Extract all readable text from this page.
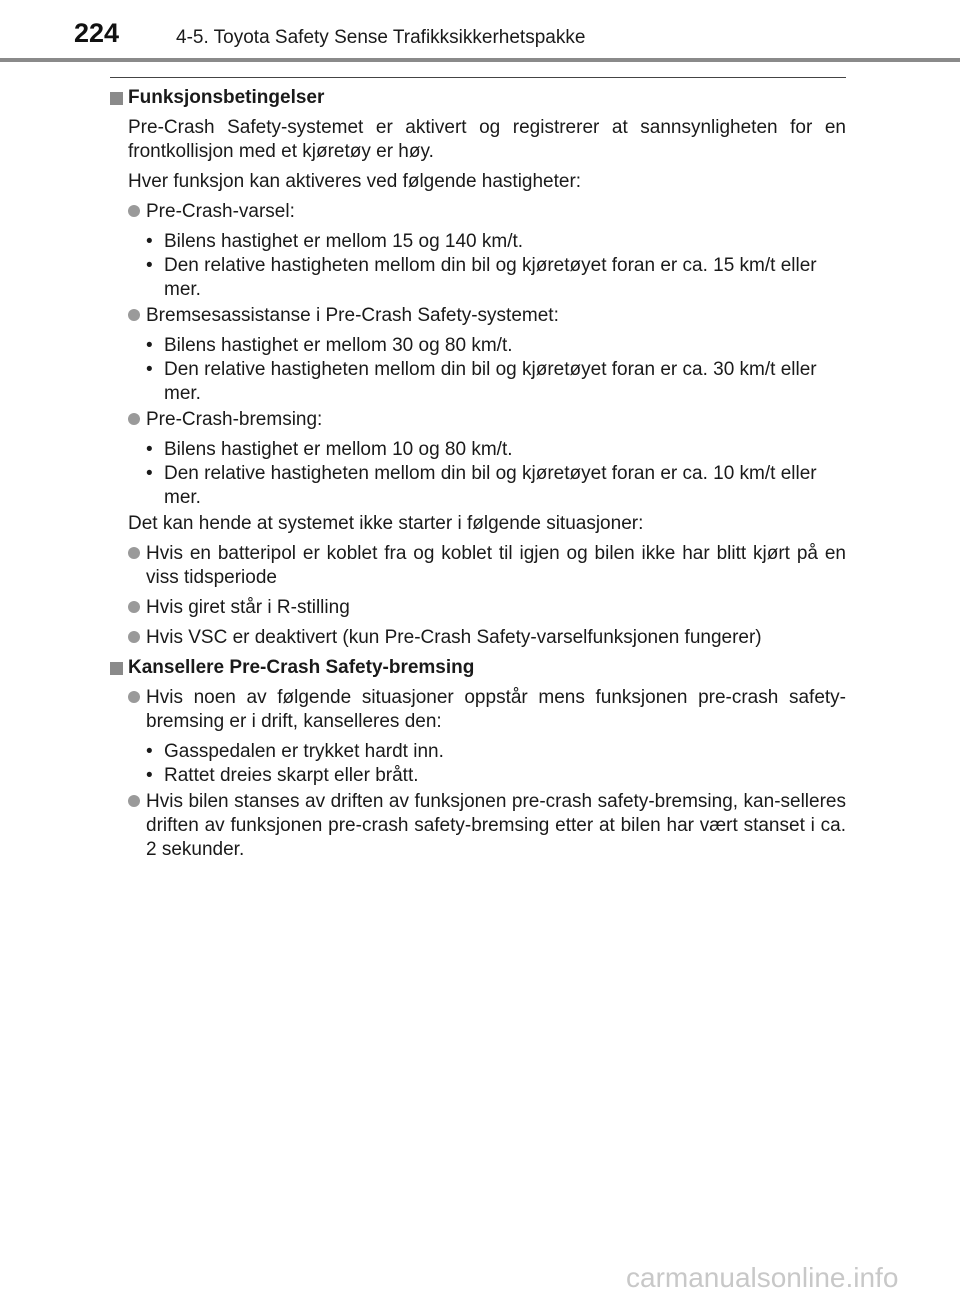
224	4-5. Toyota Safety Sense Trafikksikkerhetspakke
Funksjonsbetingelser

Pre-Crash Safety-systemet er aktivert og registrerer at sannsynligheten for en frontkollisjon med et kjøretøy er høy.

Hver funksjon kan aktiveres ved følgende hastigheter:

Pre-Crash-varsel:
• Bilens hastighet er mellom 15 og 140 km/t.
• Den relative hastigheten mellom din bil og kjøretøyet foran er ca. 15 km/t eller mer.
Bremsesassistanse i Pre-Crash Safety-systemet:
• Bilens hastighet er mellom 30 og 80 km/t.
• Den relative hastigheten mellom din bil og kjøretøyet foran er ca. 30 km/t eller mer.
Pre-Crash-bremsing:
• Bilens hastighet er mellom 10 og 80 km/t.
• Den relative hastigheten mellom din bil og kjøretøyet foran er ca. 10 km/t eller mer.

Det kan hende at systemet ikke starter i følgende situasjoner:

Hvis en batteripol er koblet fra og koblet til igjen og bilen ikke har blitt kjørt på en viss tidsperiode
Hvis giret står i R-stilling
Hvis VSC er deaktivert (kun Pre-Crash Safety-varselfunksjonen fungerer)
Kansellere Pre-Crash Safety-bremsing
Hvis noen av følgende situasjoner oppstår mens funksjonen pre-crash safety-bremsing er i drift, kanselleres den:
• Gasspedalen er trykket hardt inn.
• Rattet dreies skarpt eller brått.
Hvis bilen stanses av driften av funksjonen pre-crash safety-bremsing, kan-selleres driften av funksjonen pre-crash safety-bremsing etter at bilen har vært stanset i ca. 2 sekunder.
carmanualsonline.info
